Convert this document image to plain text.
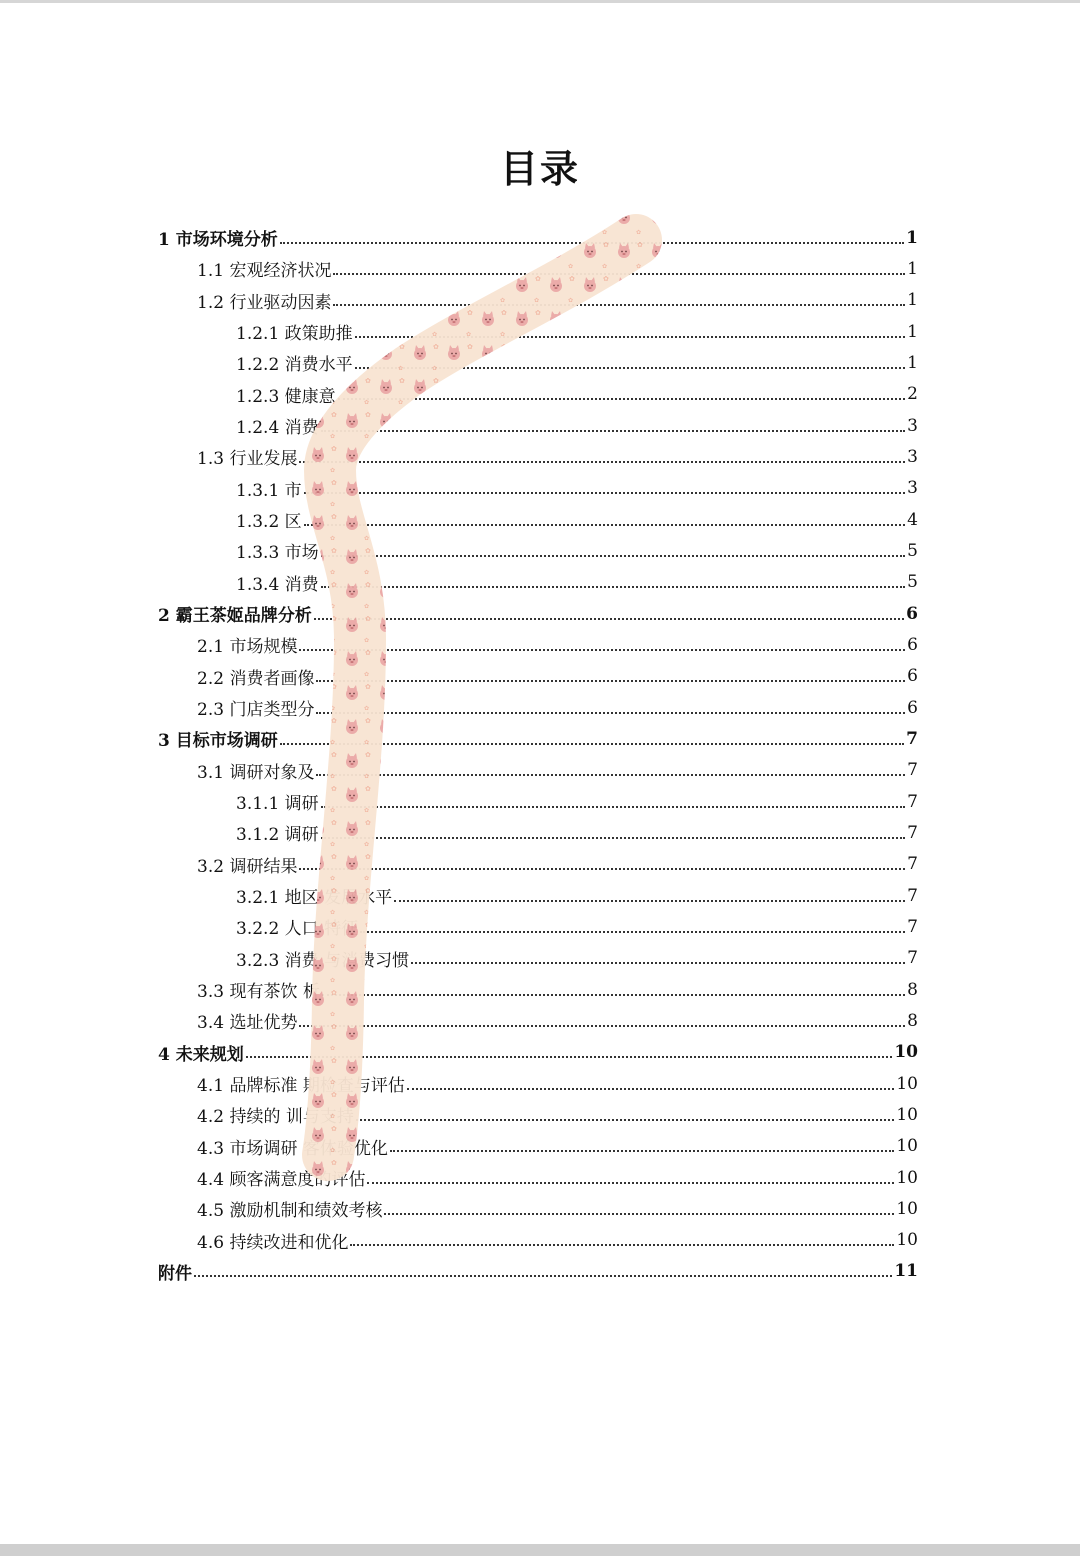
目录
1 市场环境分析	1
1.1 宏观经济状况	1
1.2 行业驱动因素	1
1.2.1 政策助推	1
1.2.2 消费水平	1
1.2.3 健康意	2
1.2.4 消费	3
1.3 行业发展	3
1.3.1 市	3
1.3.2 区	4
1.3.3 市场	5
1.3.4 消费	5
2 霸王茶姬品牌分析	6
2.1 市场规模	6
2.2 消费者画像	6
2.3 门店类型分	6
3 目标市场调研	7
3.1 调研对象及	7
3.1.1 调研	7
3.1.2 调研	7
3.2 调研结果	7
3.2.1 地区 发展水平	7
3.2.2 人口 特征	7
3.2.3 消费 与消费习惯	7
3.3 现有茶饮 析	8
3.4 选址优势	8
4 未来规划	10
4.1 品牌标准 期检查与评估	10
4.2 持续的 训与支持	10
4.3 市场调研 客体验优化	10
4.4 顾客满意度的评估	10
4.5 激励机制和绩效考核	10
4.6 持续改进和优化	10
附件	11
